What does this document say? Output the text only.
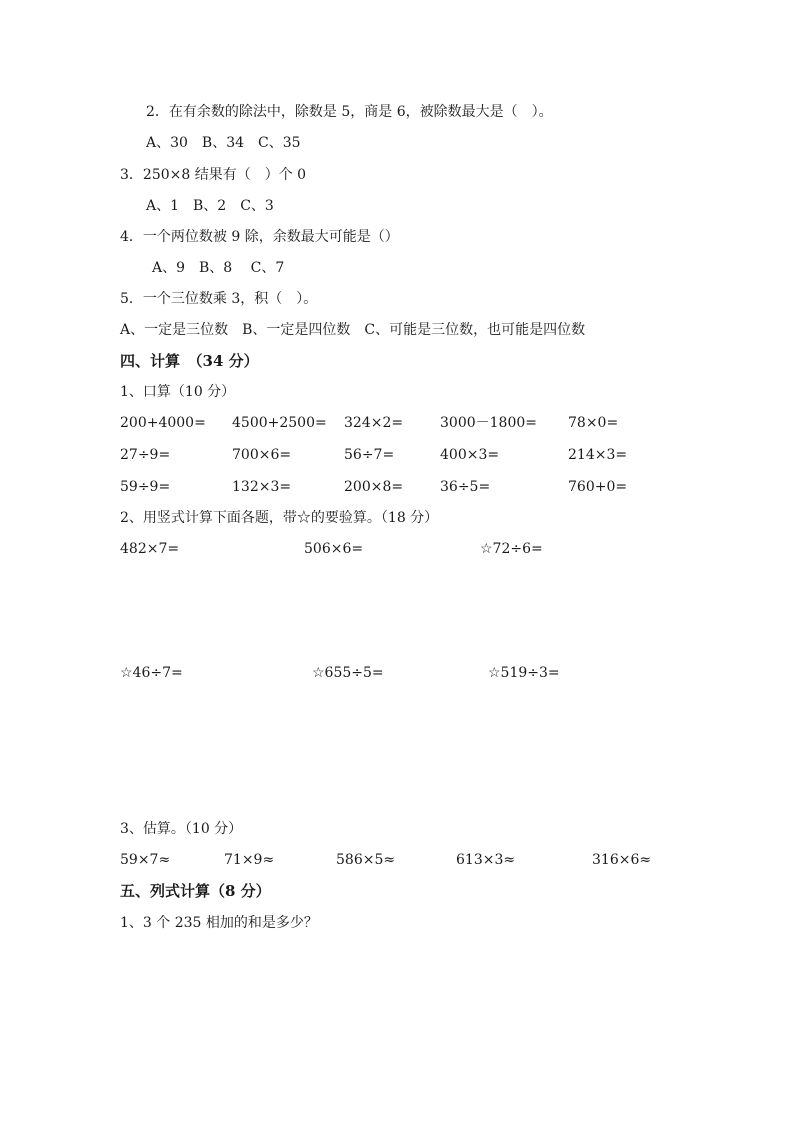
2．在有余数的除法中，除数是 5，商是 6，被除数最大是（　）。
A、30　B、34　C、35
3．250×8 结果有（　）个 0
A、1　B、2　C、3
4．一个两位数被 9 除，余数最大可能是（）
A、9　B、8　 C、7
5．一个三位数乘 3，积（　）。
A、一定是三位数　B、一定是四位数　C、可能是三位数，也可能是四位数
四、计算　（34 分）
1、口算（10 分）
200+4000= 4500+2500= 324×2=	3000－1800= 78×0=
27÷9=	700×6=	56÷7=	400×3=	214×3=
59÷9=	132×3=	200×8=	36÷5=	760+0=
2、用竖式计算下面各题，带☆的要验算。（18 分）
482×7=	506×6=	☆72÷6=
☆46÷7=	☆655÷5=	☆519÷3=
3、估算。（10 分）
59×7≈	71×9≈	586×5≈	613×3≈	316×6≈
五、列式计算（8 分）
1、3 个 235 相加的和是多少？
